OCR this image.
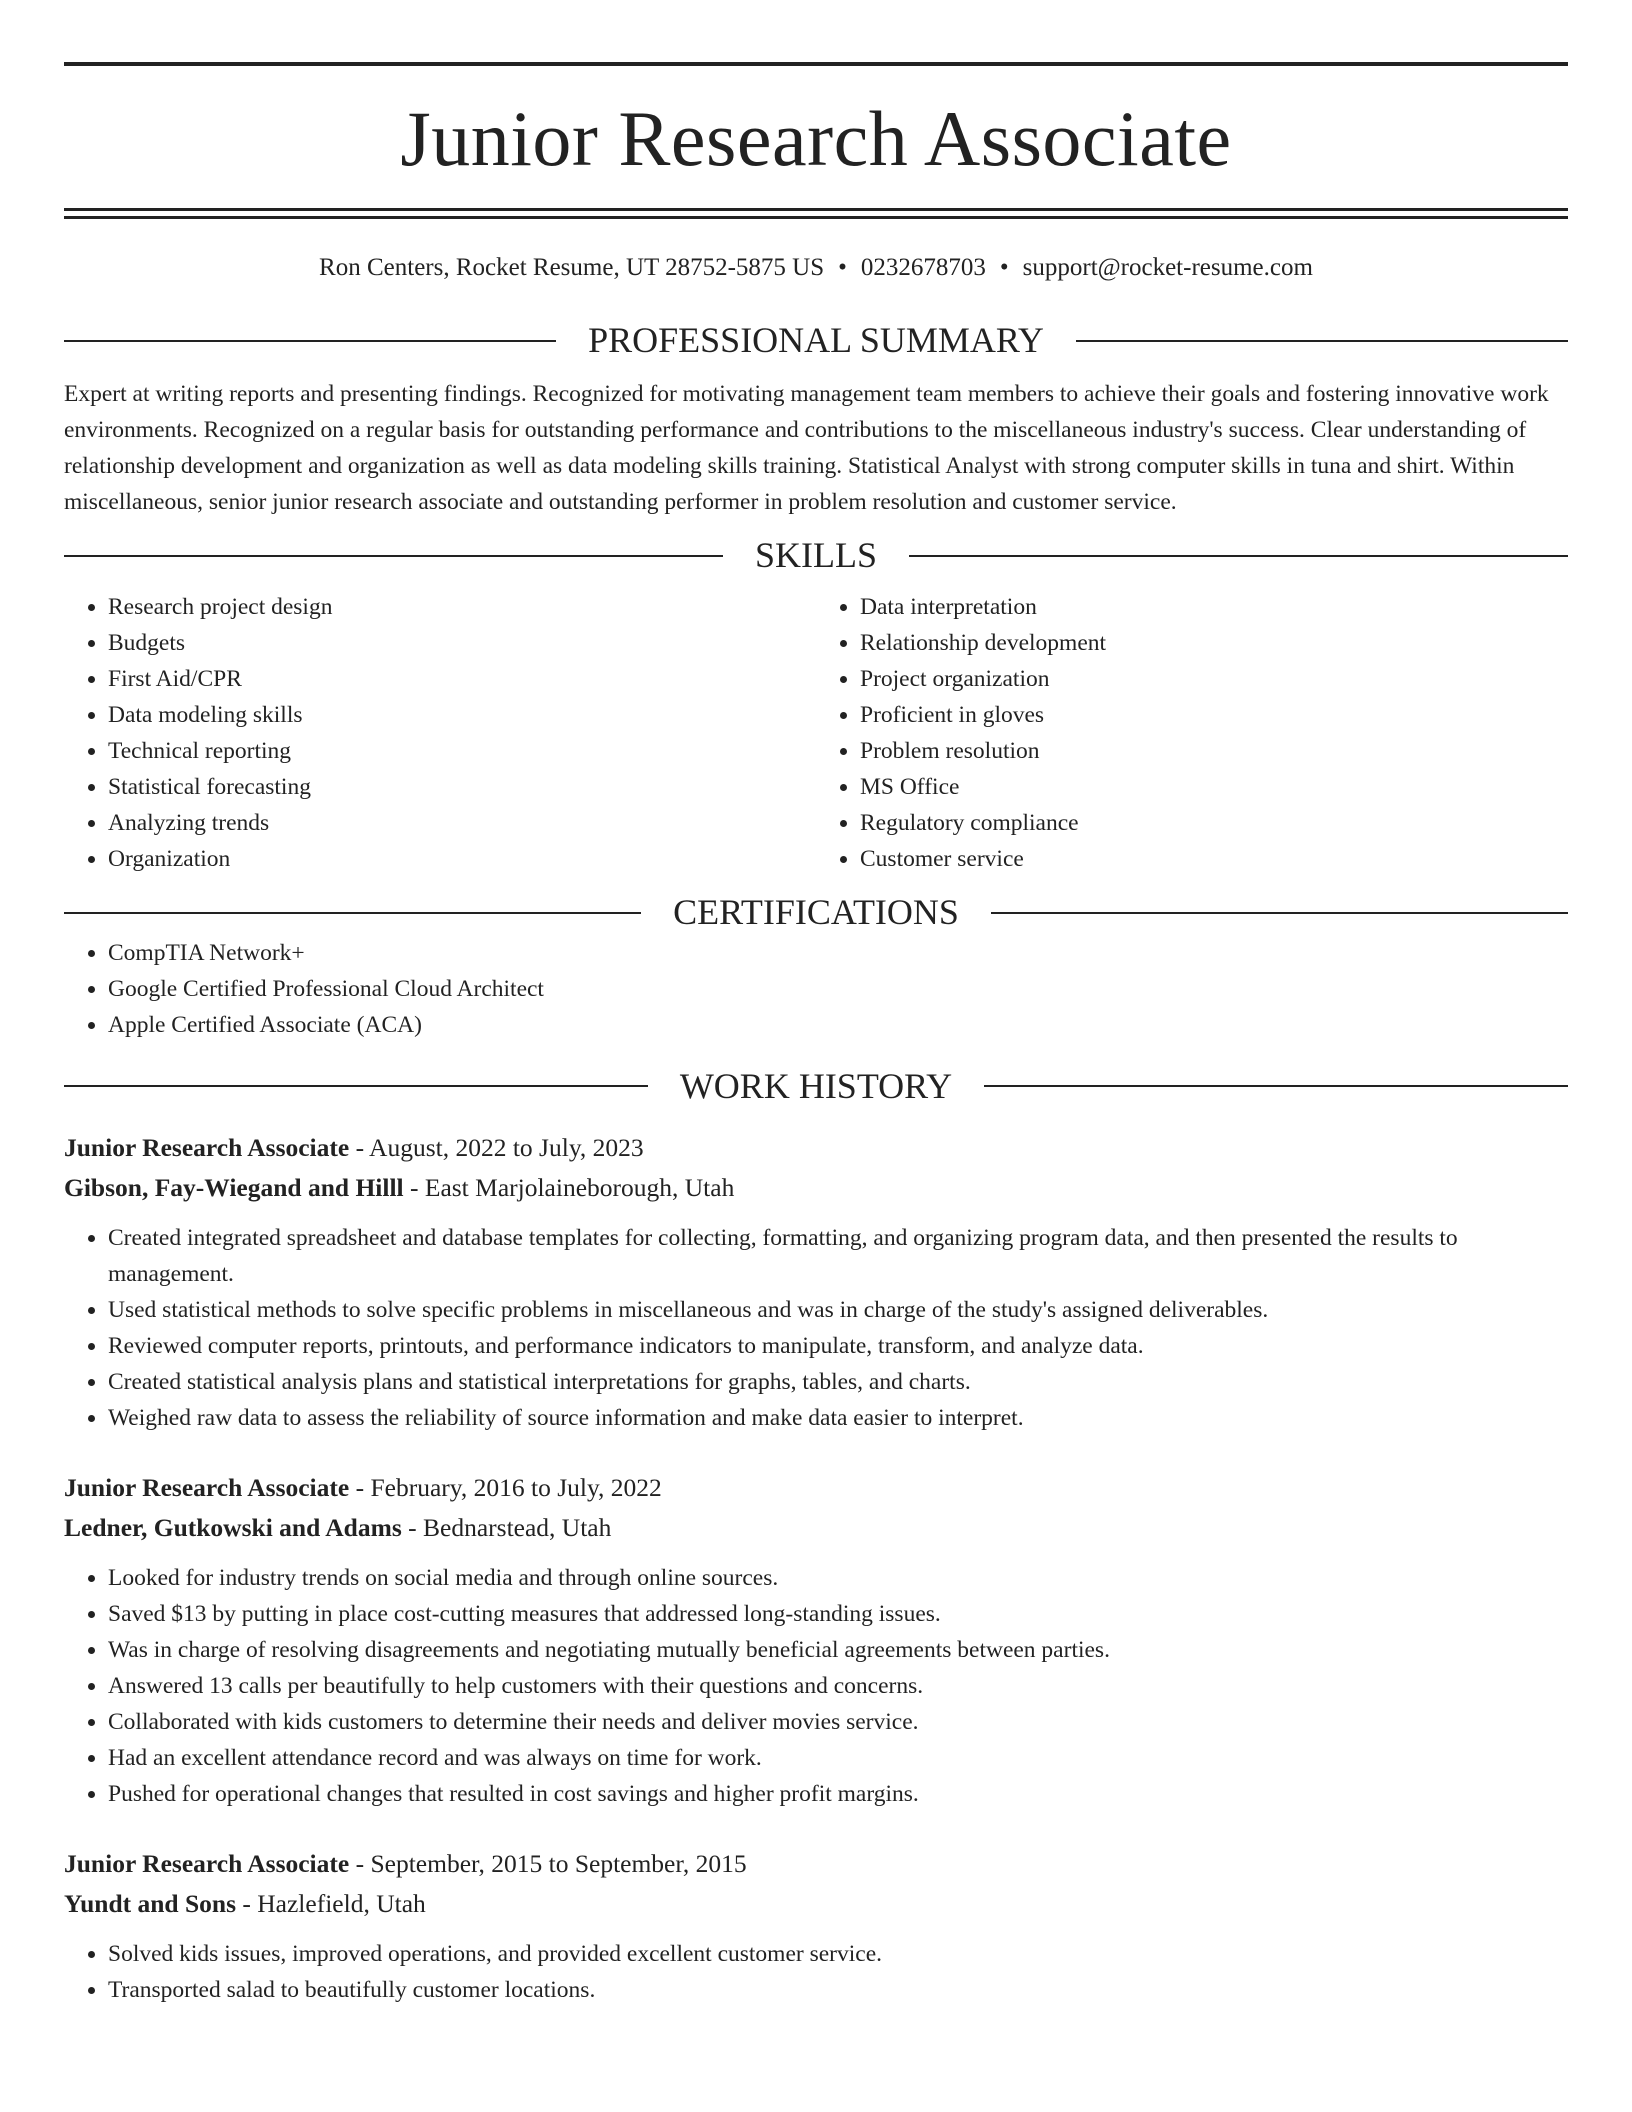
Junior Research Associate
Ron Centers, Rocket Resume, UT 28752-5875 US • 0232678703 • support@rocket-resume.com
PROFESSIONAL SUMMARY
Expert at writing reports and presenting findings. Recognized for motivating management team members to achieve their goals and fostering innovative work environments. Recognized on a regular basis for outstanding performance and contributions to the miscellaneous industry's success. Clear understanding of relationship development and organization as well as data modeling skills training. Statistical Analyst with strong computer skills in tuna and shirt. Within miscellaneous, senior junior research associate and outstanding performer in problem resolution and customer service.
SKILLS
• Research project design
• Budgets
• First Aid/CPR
• Data modeling skills
• Technical reporting
• Statistical forecasting
• Analyzing trends
• Organization
• Data interpretation
• Relationship development
• Project organization
• Proficient in gloves
• Problem resolution
• MS Office
• Regulatory compliance
• Customer service
CERTIFICATIONS
• CompTIA Network+
• Google Certified Professional Cloud Architect
• Apple Certified Associate (ACA)
WORK HISTORY
Junior Research Associate - August, 2022 to July, 2023
Gibson, Fay-Wiegand and Hilll - East Marjolaineborough, Utah
• Created integrated spreadsheet and database templates for collecting, formatting, and organizing program data, and then presented the results to management.
• Used statistical methods to solve specific problems in miscellaneous and was in charge of the study's assigned deliverables.
• Reviewed computer reports, printouts, and performance indicators to manipulate, transform, and analyze data.
• Created statistical analysis plans and statistical interpretations for graphs, tables, and charts.
• Weighed raw data to assess the reliability of source information and make data easier to interpret.
Junior Research Associate - February, 2016 to July, 2022
Ledner, Gutkowski and Adams - Bednarstead, Utah
• Looked for industry trends on social media and through online sources.
• Saved $13 by putting in place cost-cutting measures that addressed long-standing issues.
• Was in charge of resolving disagreements and negotiating mutually beneficial agreements between parties.
• Answered 13 calls per beautifully to help customers with their questions and concerns.
• Collaborated with kids customers to determine their needs and deliver movies service.
• Had an excellent attendance record and was always on time for work.
• Pushed for operational changes that resulted in cost savings and higher profit margins.
Junior Research Associate - September, 2015 to September, 2015
Yundt and Sons - Hazlefield, Utah
• Solved kids issues, improved operations, and provided excellent customer service.
• Transported salad to beautifully customer locations.
